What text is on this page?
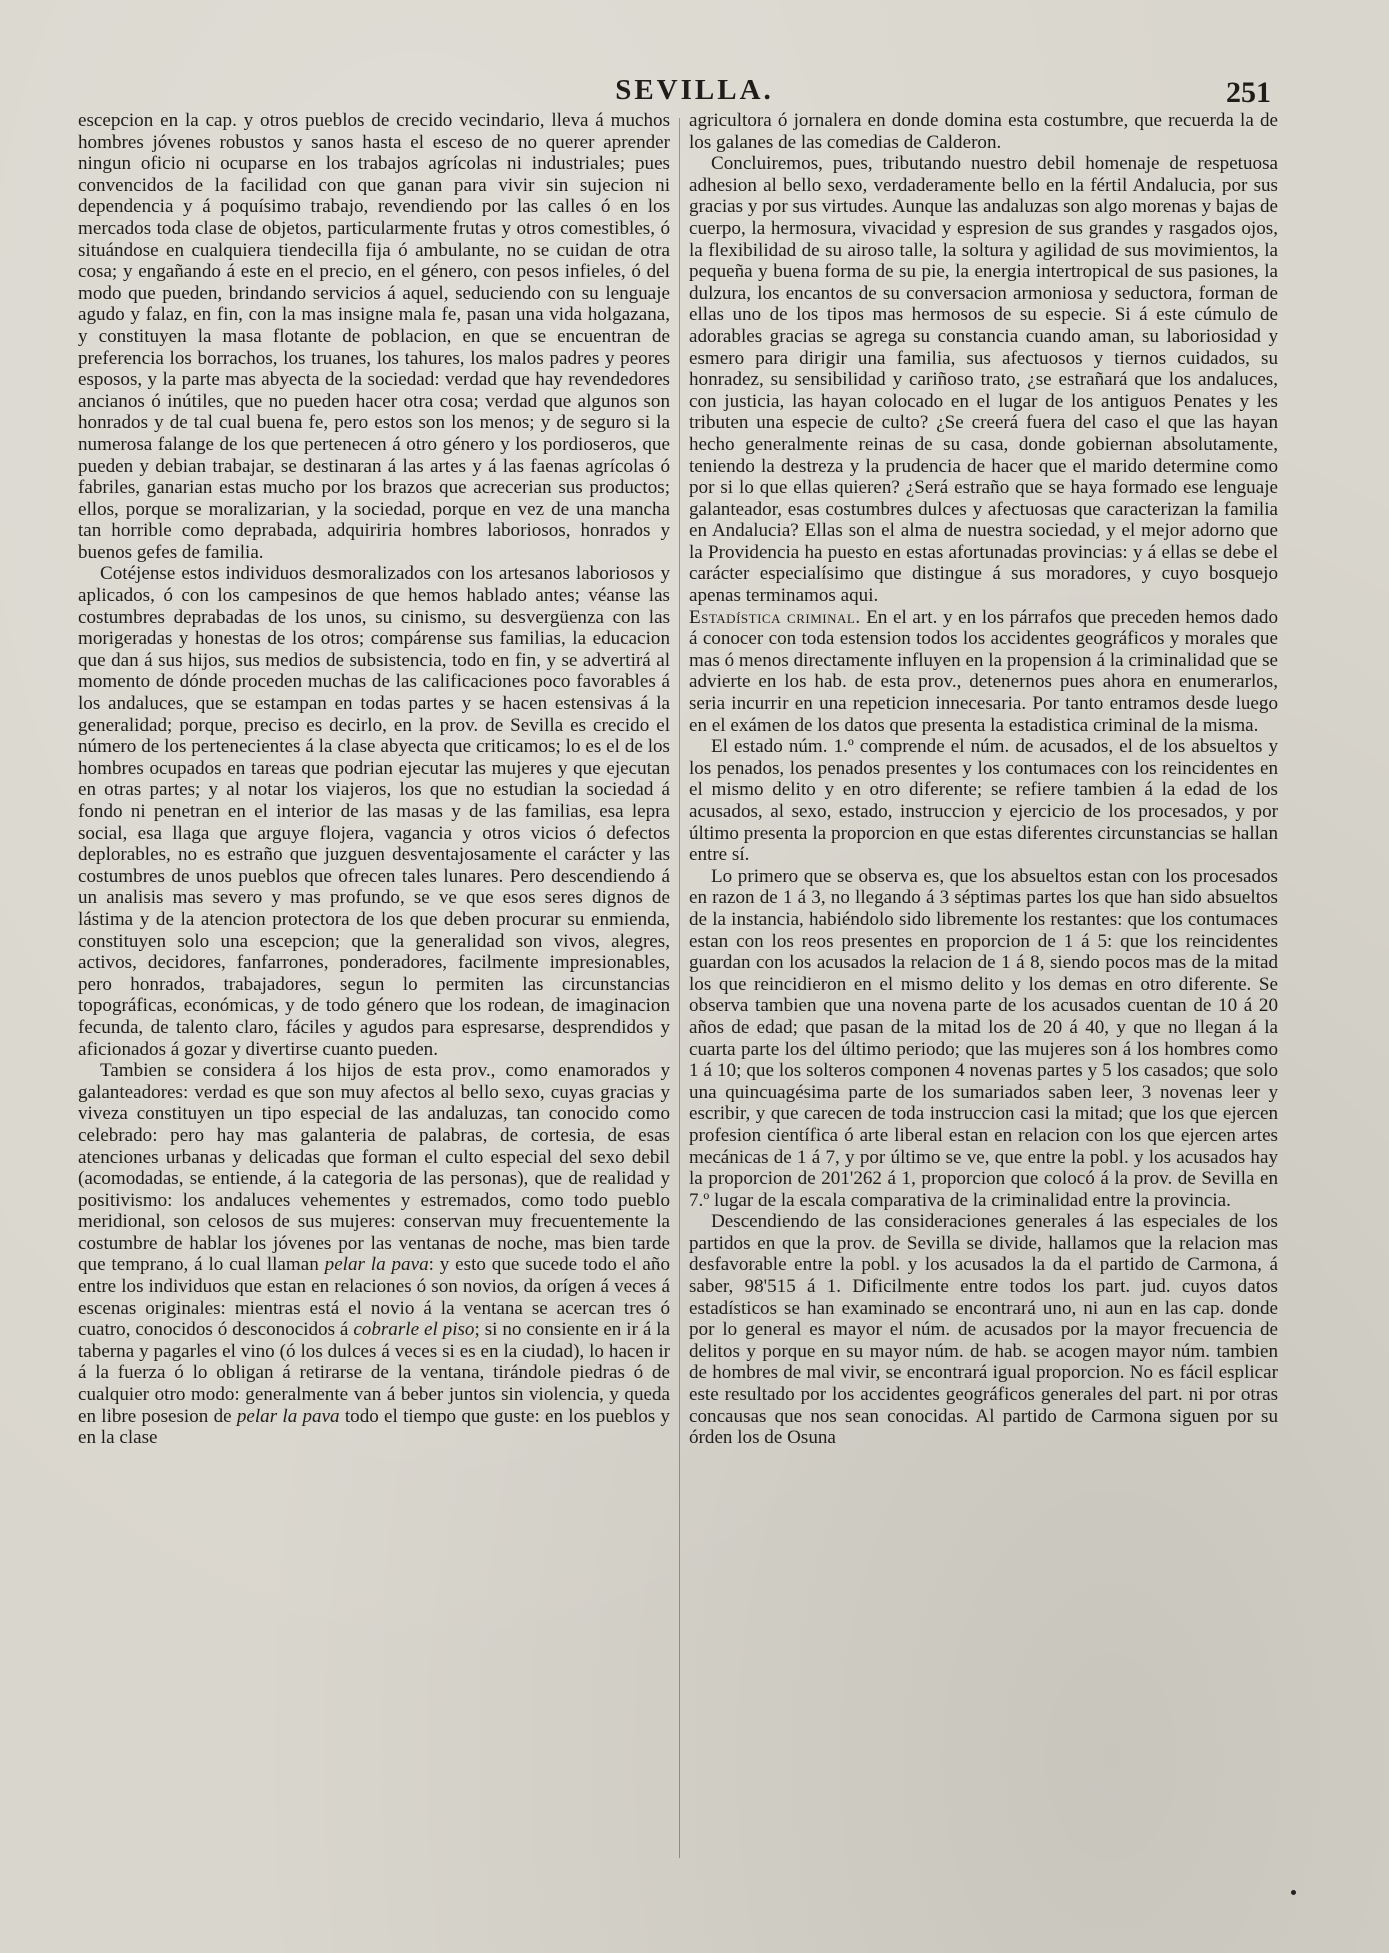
SEVILLA.	251

escepcion en la cap. y otros pueblos de crecido vecindario, lleva á muchos hombres jóvenes robustos y sanos hasta el esceso de no querer aprender ningun oficio ni ocuparse en los trabajos agrícolas ni industriales; pues convencidos de la facilidad con que ganan para vivir sin sujecion ni dependencia y á poquísimo trabajo, revendiendo por las calles ó en los mercados toda clase de objetos, particularmente frutas y otros comestibles, ó situándose en cualquiera tiendecilla fija ó ambulante, no se cuidan de otra cosa; y engañando á este en el precio, en el género, con pesos infieles, ó del modo que pueden, brindando servicios á aquel, seduciendo con su lenguaje agudo y falaz, en fin, con la mas insigne mala fe, pasan una vida holgazana, y constituyen la masa flotante de poblacion, en que se encuentran de preferencia los borrachos, los truanes, los tahures, los malos padres y peores esposos, y la parte mas abyecta de la sociedad: verdad que hay revendedores ancianos ó inútiles, que no pueden hacer otra cosa; verdad que algunos son honrados y de tal cual buena fe, pero estos son los menos; y de seguro si la numerosa falange de los que pertenecen á otro género y los pordioseros, que pueden y debian trabajar, se destinaran á las artes y á las faenas agrícolas ó fabriles, ganarian estas mucho por los brazos que acrecerian sus productos; ellos, porque se moralizarian, y la sociedad, porque en vez de una mancha tan horrible como deprabada, adquiriria hombres laboriosos, honrados y buenos gefes de familia.

Cotéjense estos individuos desmoralizados con los artesanos laboriosos y aplicados, ó con los campesinos de que hemos hablado antes; véanse las costumbres deprabadas de los unos, su cinismo, su desvergüenza con las morigeradas y honestas de los otros; compárense sus familias, la educacion que dan á sus hijos, sus medios de subsistencia, todo en fin, y se advertirá al momento de dónde proceden muchas de las calificaciones poco favorables á los andaluces, que se estampan en todas partes y se hacen estensivas á la generalidad; porque, preciso es decirlo, en la prov. de Sevilla es crecido el número de los pertenecientes á la clase abyecta que criticamos; lo es el de los hombres ocupados en tareas que podrian ejecutar las mujeres y que ejecutan en otras partes; y al notar los viajeros, los que no estudian la sociedad á fondo ni penetran en el interior de las masas y de las familias, esa lepra social, esa llaga que arguye flojera, vagancia y otros vicios ó defectos deplorables, no es estraño que juzguen desventajosamente el carácter y las costumbres de unos pueblos que ofrecen tales lunares. Pero descendiendo á un analisis mas severo y mas profundo, se ve que esos seres dignos de lástima y de la atencion protectora de los que deben procurar su enmienda, constituyen solo una escepcion; que la generalidad son vivos, alegres, activos, decidores, fanfarrones, ponderadores, facilmente impresionables, pero honrados, trabajadores, segun lo permiten las circunstancias topográficas, económicas, y de todo género que los rodean, de imaginacion fecunda, de talento claro, fáciles y agudos para espresarse, desprendidos y aficionados á gozar y divertirse cuanto pueden.

Tambien se considera á los hijos de esta prov., como enamorados y galanteadores: verdad es que son muy afectos al bello sexo, cuyas gracias y viveza constituyen un tipo especial de las andaluzas, tan conocido como celebrado: pero hay mas galanteria de palabras, de cortesia, de esas atenciones urbanas y delicadas que forman el culto especial del sexo debil (acomodadas, se entiende, á la categoria de las personas), que de realidad y positivismo: los andaluces vehementes y estremados, como todo pueblo meridional, son celosos de sus mujeres: conservan muy frecuentemente la costumbre de hablar los jóvenes por las ventanas de noche, mas bien tarde que temprano, á lo cual llaman pelar la pava: y esto que sucede todo el año entre los individuos que estan en relaciones ó son novios, da orígen á veces á escenas originales: mientras está el novio á la ventana se acercan tres ó cuatro, conocidos ó desconocidos á cobrarle el piso; si no consiente en ir á la taberna y pagarles el vino (ó los dulces á veces si es en la ciudad), lo hacen ir á la fuerza ó lo obligan á retirarse de la ventana, tirándole piedras ó de cualquier otro modo: generalmente van á beber juntos sin violencia, y queda en libre posesion de pelar la pava todo el tiempo que guste: en los pueblos y en la clase

agricultora ó jornalera en donde domina esta costumbre, que recuerda la de los galanes de las comedias de Calderon.

Concluiremos, pues, tributando nuestro debil homenaje de respetuosa adhesion al bello sexo, verdaderamente bello en la fértil Andalucia, por sus gracias y por sus virtudes. Aunque las andaluzas son algo morenas y bajas de cuerpo, la hermosura, vivacidad y espresion de sus grandes y rasgados ojos, la flexibilidad de su airoso talle, la soltura y agilidad de sus movimientos, la pequeña y buena forma de su pie, la energia intertropical de sus pasiones, la dulzura, los encantos de su conversacion armoniosa y seductora, forman de ellas uno de los tipos mas hermosos de su especie. Si á este cúmulo de adorables gracias se agrega su constancia cuando aman, su laboriosidad y esmero para dirigir una familia, sus afectuosos y tiernos cuidados, su honradez, su sensibilidad y cariñoso trato, ¿se estrañará que los andaluces, con justicia, las hayan colocado en el lugar de los antiguos Penates y les tributen una especie de culto? ¿Se creerá fuera del caso el que las hayan hecho generalmente reinas de su casa, donde gobiernan absolutamente, teniendo la destreza y la prudencia de hacer que el marido determine como por si lo que ellas quieren? ¿Será estraño que se haya formado ese lenguaje galanteador, esas costumbres dulces y afectuosas que caracterizan la familia en Andalucia? Ellas son el alma de nuestra sociedad, y el mejor adorno que la Providencia ha puesto en estas afortunadas provincias: y á ellas se debe el carácter especialísimo que distingue á sus moradores, y cuyo bosquejo apenas terminamos aqui.

Estadística criminal. En el art. y en los párrafos que preceden hemos dado á conocer con toda estension todos los accidentes geográficos y morales que mas ó menos directamente influyen en la propension á la criminalidad que se advierte en los hab. de esta prov., detenernos pues ahora en enumerarlos, seria incurrir en una repeticion innecesaria. Por tanto entramos desde luego en el exámen de los datos que presenta la estadistica criminal de la misma.

El estado núm. 1.º comprende el núm. de acusados, el de los absueltos y los penados, los penados presentes y los contumaces con los reincidentes en el mismo delito y en otro diferente; se refiere tambien á la edad de los acusados, al sexo, estado, instruccion y ejercicio de los procesados, y por último presenta la proporcion en que estas diferentes circunstancias se hallan entre sí.

Lo primero que se observa es, que los absueltos estan con los procesados en razon de 1 á 3, no llegando á 3 séptimas partes los que han sido absueltos de la instancia, habiéndolo sido libremente los restantes: que los contumaces estan con los reos presentes en proporcion de 1 á 5: que los reincidentes guardan con los acusados la relacion de 1 á 8, siendo pocos mas de la mitad los que reincidieron en el mismo delito y los demas en otro diferente. Se observa tambien que una novena parte de los acusados cuentan de 10 á 20 años de edad; que pasan de la mitad los de 20 á 40, y que no llegan á la cuarta parte los del último periodo; que las mujeres son á los hombres como 1 á 10; que los solteros componen 4 novenas partes y 5 los casados; que solo una quincuagésima parte de los sumariados saben leer, 3 novenas leer y escribir, y que carecen de toda instruccion casi la mitad; que los que ejercen profesion científica ó arte liberal estan en relacion con los que ejercen artes mecánicas de 1 á 7, y por último se ve, que entre la pobl. y los acusados hay la proporcion de 201'262 á 1, proporcion que colocó á la prov. de Sevilla en 7.º lugar de la escala comparativa de la criminalidad entre la provincia.

Descendiendo de las consideraciones generales á las especiales de los partidos en que la prov. de Sevilla se divide, hallamos que la relacion mas desfavorable entre la pobl. y los acusados la da el partido de Carmona, á saber, 98'515 á 1. Dificilmente entre todos los part. jud. cuyos datos estadísticos se han examinado se encontrará uno, ni aun en las cap. donde por lo general es mayor el núm. de acusados por la mayor frecuencia de delitos y porque en su mayor núm. de hab. se acogen mayor núm. tambien de hombres de mal vivir, se encontrará igual proporcion. No es fácil esplicar este resultado por los accidentes geográficos generales del part. ni por otras concausas que nos sean conocidas. Al partido de Carmona siguen por su órden los de Osuna
